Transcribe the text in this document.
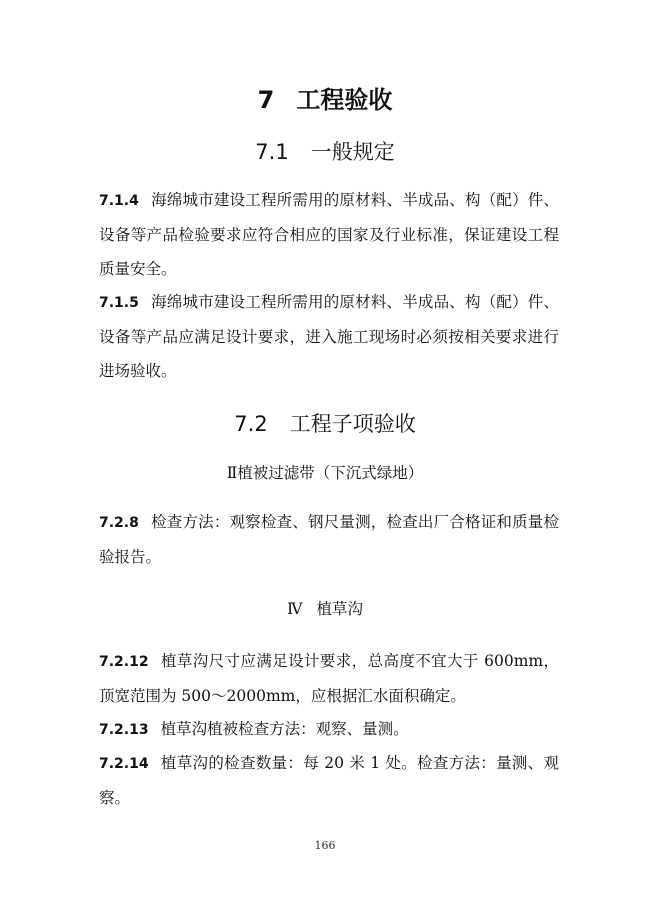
7 工程验收
7.1 一般规定
7.1.4 海绵城市建设工程所需用的原材料、半成品、构（配）件、设备等产品检验要求应符合相应的国家及行业标准，保证建设工程质量安全。
7.1.5 海绵城市建设工程所需用的原材料、半成品、构（配）件、设备等产品应满足设计要求，进入施工现场时必须按相关要求进行进场验收。
7.2 工程子项验收
Ⅱ植被过滤带（下沉式绿地）
7.2.8 检查方法：观察检查、钢尺量测，检查出厂合格证和质量检验报告。
Ⅳ 植草沟
7.2.12 植草沟尺寸应满足设计要求，总高度不宜大于 600mm，顶宽范围为 500～2000mm，应根据汇水面积确定。
7.2.13 植草沟植被检查方法：观察、量测。
7.2.14 植草沟的检查数量：每 20 米 1 处。检查方法：量测、观察。
166
